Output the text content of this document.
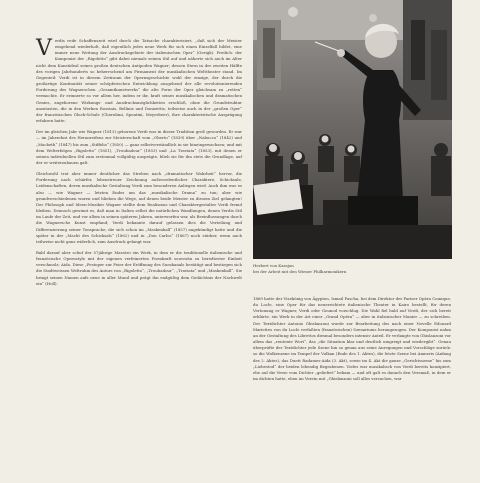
Verdis reife Schaffenszeit wird durch die Tatsache charakterisiert, „daß sich der Meister eingehend wiederholt, daß eigentlich jedes neue Werk für sich einen Einzelfall bildet, eine immer neue Weitung der Ausdrucksgebiete der italienischen Oper“ (Gerigk). Freilich: der Komponist der „Rigoletto“ gibt dabei niemals seinen Stil auf und näherte sich auch im Alter nicht dem Kunstideal seines großen deutschen Antipoden Wagner; dessen Stern in der zweiten Hälfte des vorigen Jahrhunderts so beherrschend am Firmament der musikalischen Welttheater stand. Im Gegenteil: Verdi ist in diesem Zeitraum der Opernsgeschichte wohl der einzige, der durch die großartige Kontinuität seiner schöpferischen Entwicklung ausgehend der alle revolutionierenden Forderung des Wagnerschen „Gesamtkunstwerks“ die alte Form der Oper gleichsam zu „retten“ vermochte. Er erinnerte so vor allem her, indem er ihr, kraft seines musikalischen und dramatischen Genies, angeborene Wirkungs- und Ausdrucksmöglichkeiten erschloß, ohne die Grundstruktur anzutasten, die in den Werken Rossinis, Bellinis und Donizettis, teilweise auch in der „großen Oper“ der französischen Gluck-Schule (Cherubini, Spontini, Meyerbeer), ihre charakteristische Ausprägung erfahren hatte.

Der im gleichen Jahr wie Wagner (1813) geborene Verdi war in dieser Tradition groß geworden. Er war — im Jahrzehnt des Heranreifens zur Meisterschaft vom „Oberto“ (1839) über „Nabucco“ (1842) und „Macbeth“ (1847) bis zum „Stiffelio“ (1850) — ganz selbstverständlich in sie hineingewachsen; und mit dem Welterfolgen „Rigoletto“ (1851), „Troubadour“ (1853) und „La Traviata“ (1853), mit denen er seinen individuellen Stil zum erstenmal vollgültig ausprägte, blieb sie für ihn stets die Grundlage, auf der er weiterzubauen galt.

Gleichwohl trat aber immer deutlicher das Streben nach „dramatischer Wahrheit“ hervor, die Forderung nach schärfer, lebenstreuer Zeichnung außerordentlicher Charaktere, Schicksale, Leidenschaften, deren musikalische Gestaltung Verdi zum besonderen Anliegen wird. Auch ihm war es also — wie Wagner — letzten Endes um das „musikalische Drama“ zu tun; aber wie grundverschiedenen waren und blieben die Wege, auf denen beide Meister zu diesem Ziel gelangten! Der Philosoph und Ideen-Musiker Wagner stellte dem Realismus und Charaktergestalter Verdi fremd bleiben. Dennoch gewinnt es, daß man in Italien selbst die natürlichen Wandlungen, denen Verdis Stil im Laufe der Zeit, und vor allem in seinen späteren Jahren, unterworfen war, als Beeinflussungen durch die Wagnersche Kunst empfand; Verdi bekannte darauf gelassen dies die Verteilung und Differenzierung seiner Tonsprache, die sich schon im „Maskenball“ (1857) angekündigt hatte und die später in der „Macht des Schicksals“ (1862) und in „Don Carlos“ (1867) noch stärker, wenn auch teilweise nicht ganz widerlich, zum Ausdruck gelangt war.

Bald darauf aber schuf der 57jährige Maestro ein Werk, in dem er die traditionelle italienische und französische Opernstyle mit der eigenen verfeinerten Formkraft souverän zu beredtester Einheit verschmolz: Aida. Diese „Festoper zur Feier der Eröffnung des Suezkanals bestätigt und bestiegen sich die Stadtweissen Weltruhm des Autors von „Rigoletto“, „Troubadour“, „Traviata“ und „Maskenball“. Sie bringt seinen Namen aufs neue in aller Mund und prägt ihn endgültig dem Gedächtnis der Nachwelt ein“ (Holl).

Herbert von Karajan
bei der Arbeit mit den Wiener Philharmonikern

1869 hatte der Vizekönig von Ägypten, Ismail Pascha, bei dem Direktor der Pariser Opéra Comique, du Locle, eine Oper für das neuerrichtete italienische Theater in Kairo bestellt, für deren Vertonung er Wagner, Verdi oder Gounod vorschlug. Die Wahl fiel bald auf Verdi, der sich bereit erklärte, ein Werk in der Art einer „Grand Opéra“ — aber in italienischer Manier — zu schreiben. Der Textdichter Antonio Ghislanzoni wurde zur Bearbeitung des nach einer Novelle Edouard Mariettes von du Locle verfaßten (französischen) Szenariums herangezogen. Der Komponist nahm an der Gestaltung des Librettos diesmal besonders intensiv Anteil. Er verlangte von Ghislanzoni vor allem das „rentente Wort“, das „die Situation klar und deutlich umgreigt und wiedergibt“. Genau überprüfte der Textdichter jede Szene hin so genau aus seine Anregungen und Vorschläge zurück: so die Wolkenzene im Tempel der Vulkan (Ende des 1. Aktes), die letzte Szene bei Amneris (Anfang des 2. Aktes), das Duett Radames-Aida (3. Akt), sowie im 4. Akt die ganze „Gerichtsszene“ bis zum „Liebestod“ der beiden lebendig Begrabenen. Vieles war musikalisch von Verdi bereits konzipiert, ehe auf die Verse vom Dichter „geliefert“ bekam — und oft galt es danach den Versmaß, in dem er im dichten hatte, eben im Verein mit „Ghislanzoni soll alles versuchen, war
